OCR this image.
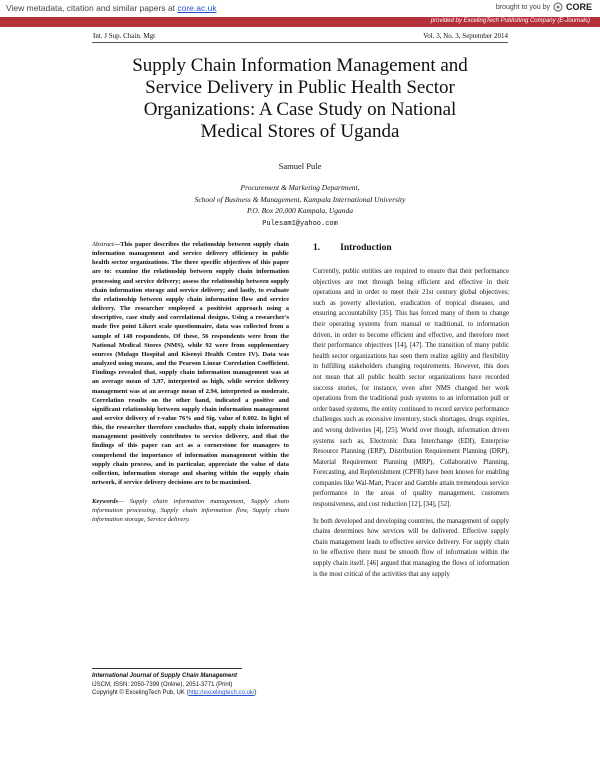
View metadata, citation and similar papers at core.ac.uk	brought to you by CORE
provided by ExcelingTech Publishing Company (E-Journals)
Int. J Sup. Chain. Mgt	Vol. 3, No. 3, September 2014
Supply Chain Information Management and
Service Delivery in Public Health Sector
Organizations: A Case Study on National
Medical Stores of Uganda
Samuel Pule
Procurement & Marketing Department,
School of Business & Management, Kampala International University
P.O. Box 20,000 Kampala, Uganda
Pulesam1@yahoo.com

Abstract—This paper describes the relationship between supply chain information management and service delivery efficiency in public health sector organizations. The three specific objectives of this paper are to: examine the relationship between supply chain information processing and service delivery; assess the relationship between supply chain information storage and service delivery; and lastly, to evaluate the relationship between supply chain information flow and service delivery. The researcher employed a positivist approach using a descriptive, case study and correlational designs. Using a researcher's made five point Likert scale questionnaire, data was collected from a sample of 148 respondents. Of these, 56 respondents were from the National Medical Stores (NMS), while 92 were from supplementary sources (Mulago Hospital and Kisenyi Health Centre IV). Data was analyzed using means, and the Pearson Linear Correlation Coefficient. Findings revealed that, supply chain information management was at an average mean of 3.97, interpreted as high, while service delivery management was at an average mean of 2.94, interpreted as moderate. Correlation results on the other hand, indicated a positive and significant relationship between supply chain information management and service delivery of r-value 76% and Sig. value of 0.002. In light of this, the researcher therefore concludes that, supply chain information management positively contributes to service delivery, and that the findings of this paper can act as a cornerstone for managers to comprehend the importance of information management within the supply chain process, and in particular, appreciate the value of data collection, information storage and sharing within the supply chain network, if service delivery decisions are to be maximised.

Keywords— Supply chain information management, Supply chain information processing, Supply chain information flow, Supply chain information storage, Service delivery.

International Journal of Supply Chain Management
IJSCM, ISSN: 2050-7399 (Online), 2051-3771 (Print)
Copyright © ExcelingTech Pub, UK (http://excelingtech.co.uk/)
1. Introduction

Currently, public entities are required to ensure that their performance objectives are met through being efficient and effective in their operations and in order to meet their 21st century global objectives; such as poverty alleviation, eradication of tropical diseases, and ensuring accountability [35]. This has forced many of them to change their operating systems from manual or traditional, to information driven, in order to become efficient and effective, and therefore meet their performance objectives [14], [47]. The transition of many public health sector organizations has seen them realize agility and flexibility in fulfilling stakeholders changing requirements. However, this does not mean that all public health sector organizations have recorded success stories, for instance, even after NMS changed her work operations from the traditional push systems to an information pull or order based systems, the entity continued to record service performance challenges such as excessive inventory, stock shortages, drugs expiries, and wrong deliveries [4], [25]. World over though, information driven systems such as, Electronic Data Interchange (EDI), Enterprise Resource Planning (ERP), Distribution Requirement Planning (DRP), Material Requirement Planning (MRP), Collaborative Planning, Forecasting, and Replenishment (CPFR) have been known for enabling companies like Wal-Mart, Pracer and Gamble attain tremendous service performance in the areas of quality management, customers responsiveness, and cost reduction [12], [34], [52].

In both developed and developing countries, the management of supply chains determines how services will be delivered. Effective supply chain management leads to effective service delivery. For supply chain to be effective there must be smooth flow of information within the supply chain itself. [46] argued that managing the flows of information is the most critical of the activities that any supply
